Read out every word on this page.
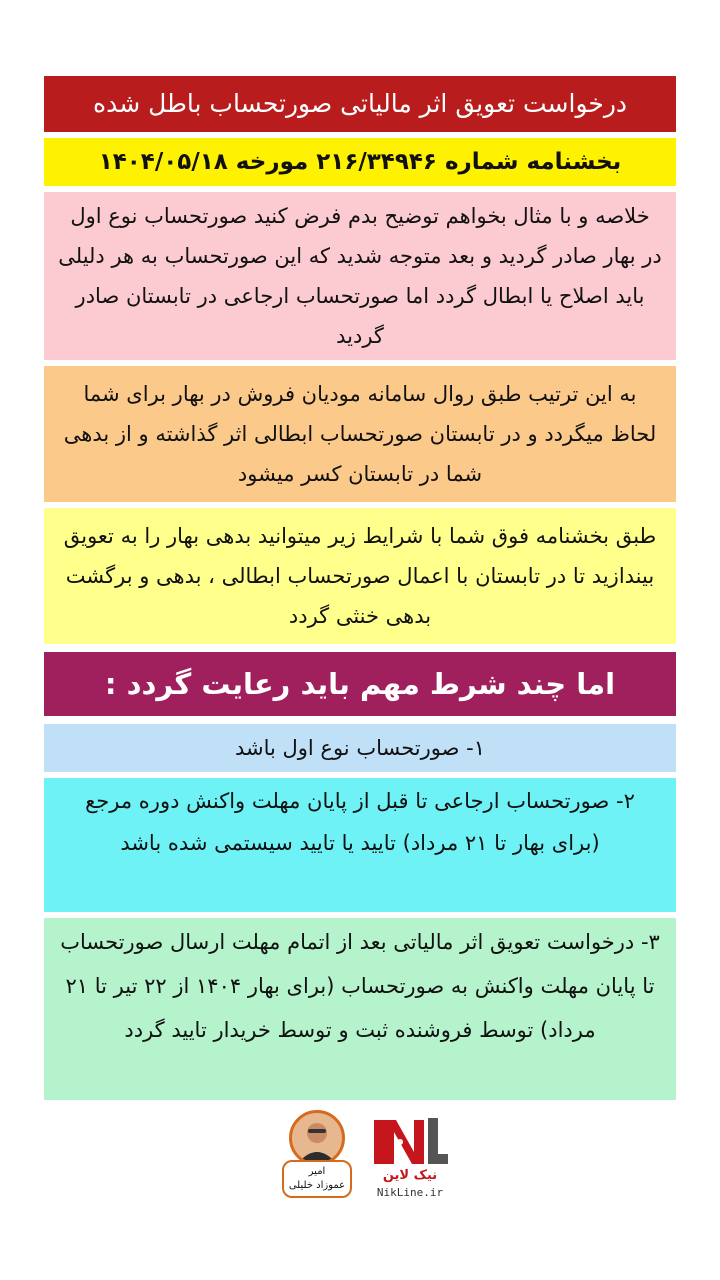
درخواست تعویق اثر مالیاتی صورتحساب باطل شده
بخشنامه شماره ۲۱۶/۳۴۹۴۶ مورخه ۱۴۰۴/۰۵/۱۸
خلاصه و با مثال بخواهم توضیح بدم فرض کنید صورتحساب نوع اول در بهار صادر گردید و بعد متوجه شدید که این صورتحساب به هر دلیلی باید اصلاح یا ابطال گردد اما صورتحساب ارجاعی در تابستان صادر گردید
به این ترتیب طبق روال سامانه مودیان فروش در بهار برای شما لحاظ میگردد و در تابستان صورتحساب ابطالی اثر گذاشته و از بدهی شما در تابستان کسر میشود
طبق بخشنامه فوق شما با شرایط زیر میتوانید بدهی بهار را به تعویق بیندازید تا در تابستان با اعمال صورتحساب ابطالی ، بدهی و برگشت بدهی خنثی گردد
اما چند شرط مهم باید رعایت گردد :
۱- صورتحساب نوع اول باشد
۲- صورتحساب ارجاعی تا قبل از پایان مهلت واکنش دوره مرجع (برای بهار تا ۲۱ مرداد) تایید یا تایید سیستمی شده باشد
۳- درخواست تعویق اثر مالیاتی بعد از اتمام مهلت ارسال صورتحساب تا پایان مهلت واکنش به صورتحساب (برای بهار ۱۴۰۴ از ۲۲ تیر تا ۲۱ مرداد) توسط فروشنده ثبت و توسط خریدار تایید گردد
نیک لاین
NikLine.ir
امیر
عموزاد خلیلی
